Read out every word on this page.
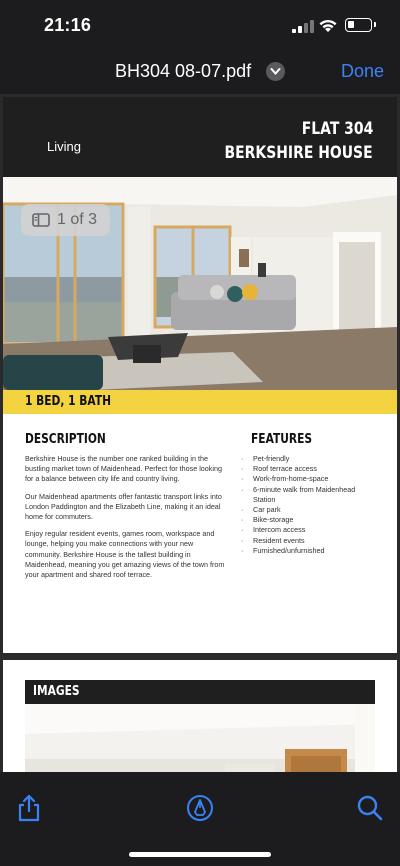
21:16
BH304 08-07.pdf	Done
Living
FLAT 304
BERKSHIRE HOUSE
1 BED, 1 BATH
DESCRIPTION

Berkshire House is the number one ranked building in the bustling market town of Maidenhead. Perfect for those looking for a balance between city life and country living.

Our Maidenhead apartments offer fantastic transport links into London Paddington and the Elizabeth Line, making it an ideal home for commuters.

Enjoy regular resident events, games room, workspace and lounge, helping you make connections with your new community. Berkshire House is the tallest building in Maidenhead, meaning you get amazing views of the town from your apartment and shared roof terrace.

FEATURES
· Pet-friendly
· Roof terrace access
· Work-from-home-space
· 6-minute walk from Maidenhead Station
· Car park
· Bike-storage
· Intercom access
· Resident events
· Furnished/unfurnished
IMAGES
1 of 3
